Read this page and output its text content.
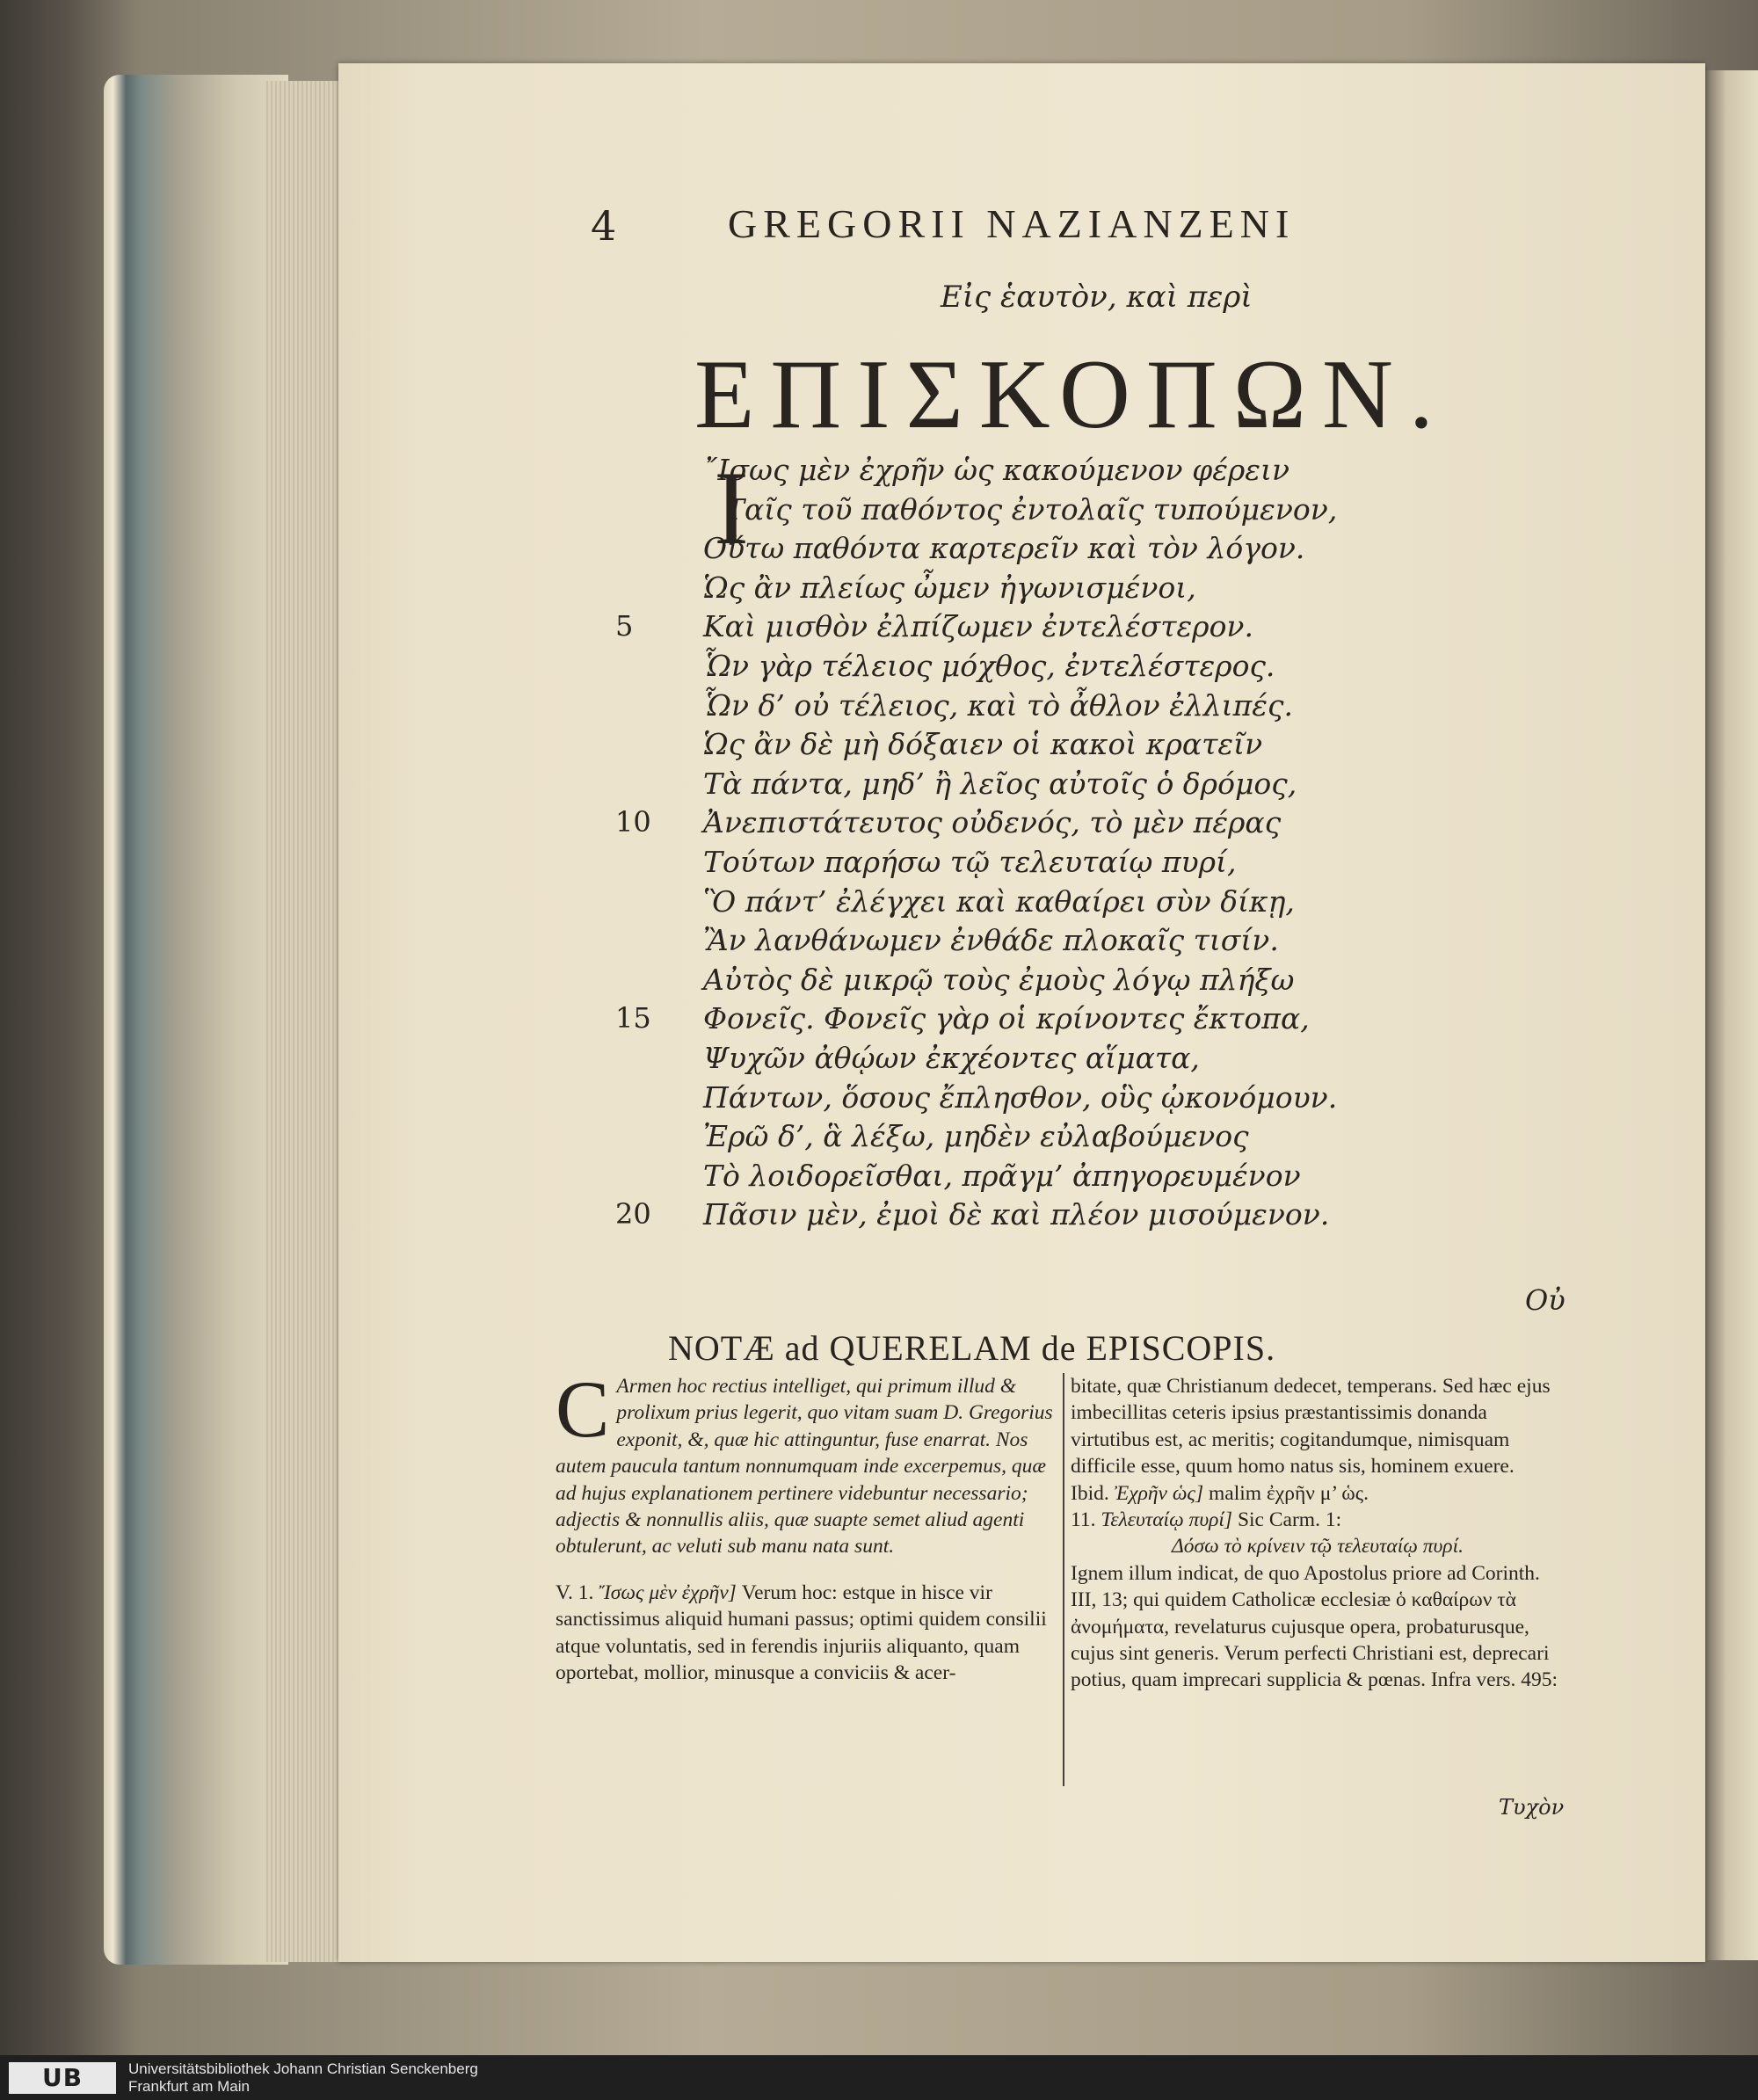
4	GREGORII NAZIANZENI
Εἰς ἑαυτὸν, καὶ περὶ
ΕΠΙΣΚΟΠΩΝ.
Ι
῎Ισως μὲν ἐχρῆν ὡς κακούμενον φέρειν
Ταῖς τοῦ παθόντος ἐντολαῖς τυπούμενον,
Οὕτω παθόντα καρτερεῖν καὶ τὸν λόγον.
Ὡς ἂν πλείως ὦμεν ἠγωνισμένοι,
5	Καὶ μισθὸν ἐλπίζωμεν ἐντελέστερον.
Ὧν γὰρ τέλειος μόχθος, ἐντελέστερος.
Ὧν δ’ οὐ τέλειος, καὶ τὸ ἆθλον ἐλλιπές.
Ὡς ἂν δὲ μὴ δόξαιεν οἱ κακοὶ κρατεῖν
Τὰ πάντα, μηδ’ ἢ λεῖος αὐτοῖς ὁ δρόμος,
10	Ἀνεπιστάτευτος οὐδενός, τὸ μὲν πέρας
Τούτων παρήσω τῷ τελευταίῳ πυρί,
Ὃ πάντ’ ἐλέγχει καὶ καθαίρει σὺν δίκῃ,
Ἂν λανθάνωμεν ἐνθάδε πλοκαῖς τισίν.
Αὐτὸς δὲ μικρῷ τοὺς ἐμοὺς λόγῳ πλήξω
15	Φονεῖς. Φονεῖς γὰρ οἱ κρίνοντες ἔκτοπα,
Ψυχῶν ἀθῴων ἐκχέοντες αἵματα,
Πάντων, ὅσους ἔπλησθον, οὓς ᾠκονόμουν.
Ἐρῶ δ’, ἃ λέξω, μηδὲν εὐλαβούμενος
Τὸ λοιδορεῖσθαι, πρᾶγμ’ ἀπηγορευμένον
20	Πᾶσιν μὲν, ἐμοὶ δὲ καὶ πλέον μισούμενον.
Οὐ
NOTÆ ad QUERELAM de EPISCOPIS.
C Armen hoc rectius intelliget, qui primum illud & prolixum prius legerit, quo vitam suam D. Gregorius exponit, &, quæ hic attinguntur, fuse enarrat. Nos autem paucula tantum nonnumquam inde excerpemus, quæ ad hujus explanationem pertinere videbuntur necessario; adjectis & nonnullis aliis, quæ suapte semet aliud agenti obtulerunt, ac veluti sub manu nata sunt.
V. 1. Ἴσως μὲν ἐχρῆν] Verum hoc: estque in hisce vir sanctissimus aliquid humani passus; optimi quidem consilii atque voluntatis, sed in ferendis injuriis aliquanto, quam oportebat, mollior, minusque a conviciis & acer-
bitate, quæ Christianum dedecet, temperans. Sed hæc ejus imbecillitas ceteris ipsius præstantissimis donanda virtutibus est, ac meritis; cogitandumque, nimisquam difficile esse, quum homo natus sis, hominem exuere.
Ibid. Ἐχρῆν ὡς] malim ἐχρῆν μ’ ὡς.
11. Τελευταίῳ πυρί] Sic Carm. 1:
Δόσω τὸ κρίνειν τῷ τελευταίῳ πυρί.
Ignem illum indicat, de quo Apostolus priore ad Corinth. III, 13; qui quidem Catholicæ ecclesiæ ὁ καθαίρων τὰ ἀνομήματα, revelaturus cujusque opera, probaturusque, cujus sint generis. Verum perfecti Christiani est, deprecari potius, quam imprecari supplicia & pœnas. Infra vers. 495:
Τυχὸν
UB	Universitätsbibliothek Johann Christian Senckenberg
Frankfurt am Main
